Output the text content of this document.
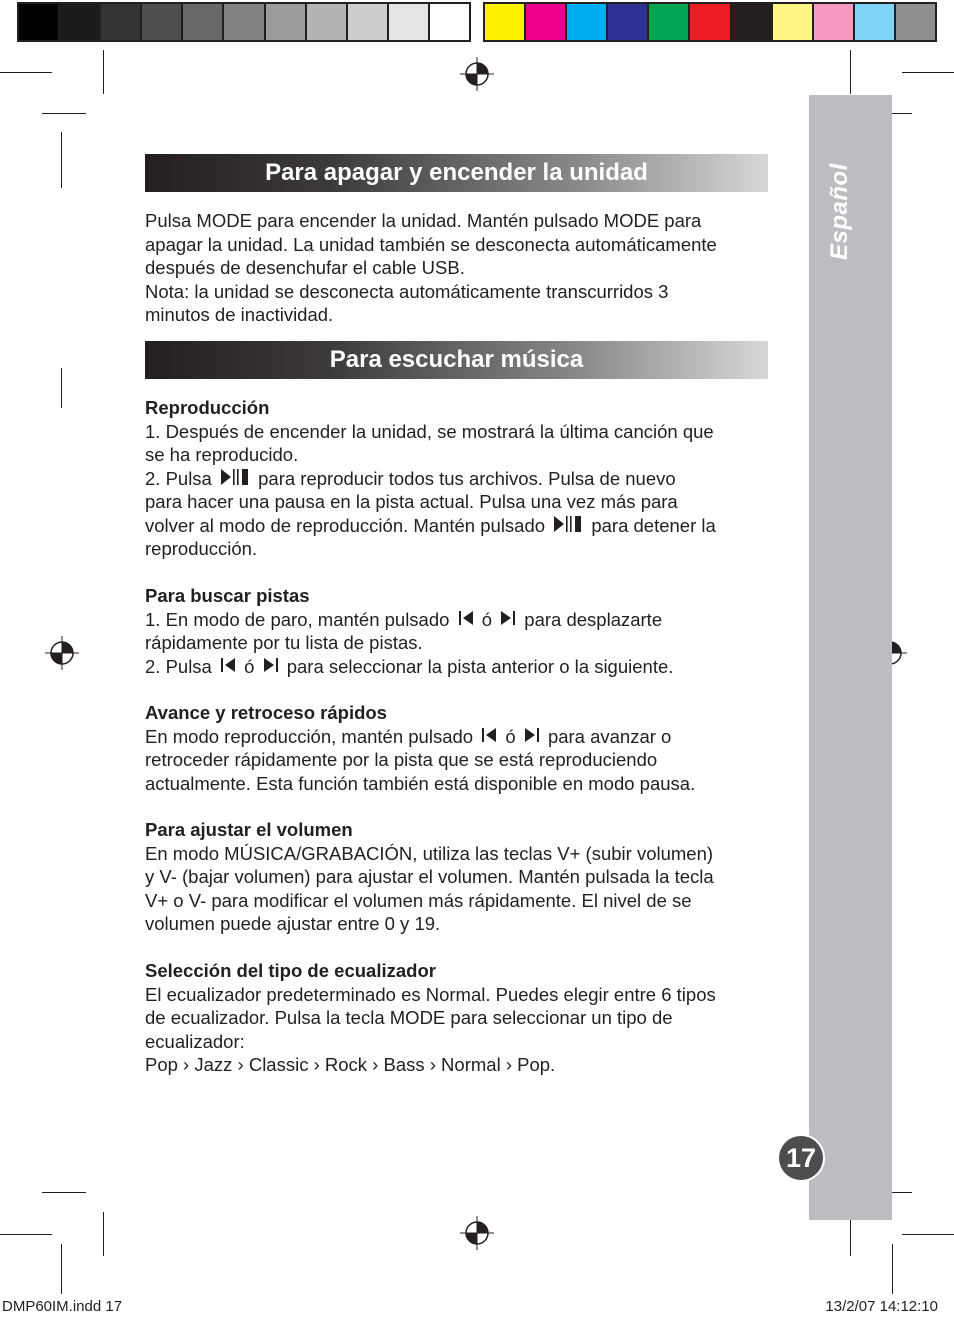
Español
17
Para apagar y encender la unidad

Pulsa MODE para encender la unidad. Mantén pulsado MODE para

apagar la unidad. La unidad también se desconecta automáticamente

después de desenchufar el cable USB.

Nota: la unidad se desconecta automáticamente transcurridos 3

minutos de inactividad.

Para escuchar música

Reproducción

1. Después de encender la unidad, se mostrará la última canción que

se ha reproducido.

2. Pulsa	para reproducir todos tus archivos. Pulsa de nuevo

para hacer una pausa en la pista actual. Pulsa una vez más para

volver al modo de reproducción. Mantén pulsado	para detener la

reproducción.

Para buscar pistas

1. En modo de paro, mantén pulsado ó para desplazarte

rápidamente por tu lista de pistas.

2. Pulsa ó para seleccionar la pista anterior o la siguiente.

Avance y retroceso rápidos

En modo reproducción, mantén pulsado ó para avanzar o

retroceder rápidamente por la pista que se está reproduciendo

actualmente. Esta función también está disponible en modo pausa.

Para ajustar el volumen

En modo MÚSICA/GRABACIÓN, utiliza las teclas V+ (subir volumen)

y V- (bajar volumen) para ajustar el volumen. Mantén pulsada la tecla

V+ o V- para modificar el volumen más rápidamente. El nivel de se

volumen puede ajustar entre 0 y 19.

Selección del tipo de ecualizador

El ecualizador predeterminado es Normal. Puedes elegir entre 6 tipos

de ecualizador. Pulsa la tecla MODE para seleccionar un tipo de

ecualizador:

Pop › Jazz › Classic › Rock › Bass › Normal › Pop.

DMP60IM.indd 17	13/2/07 14:12:10
